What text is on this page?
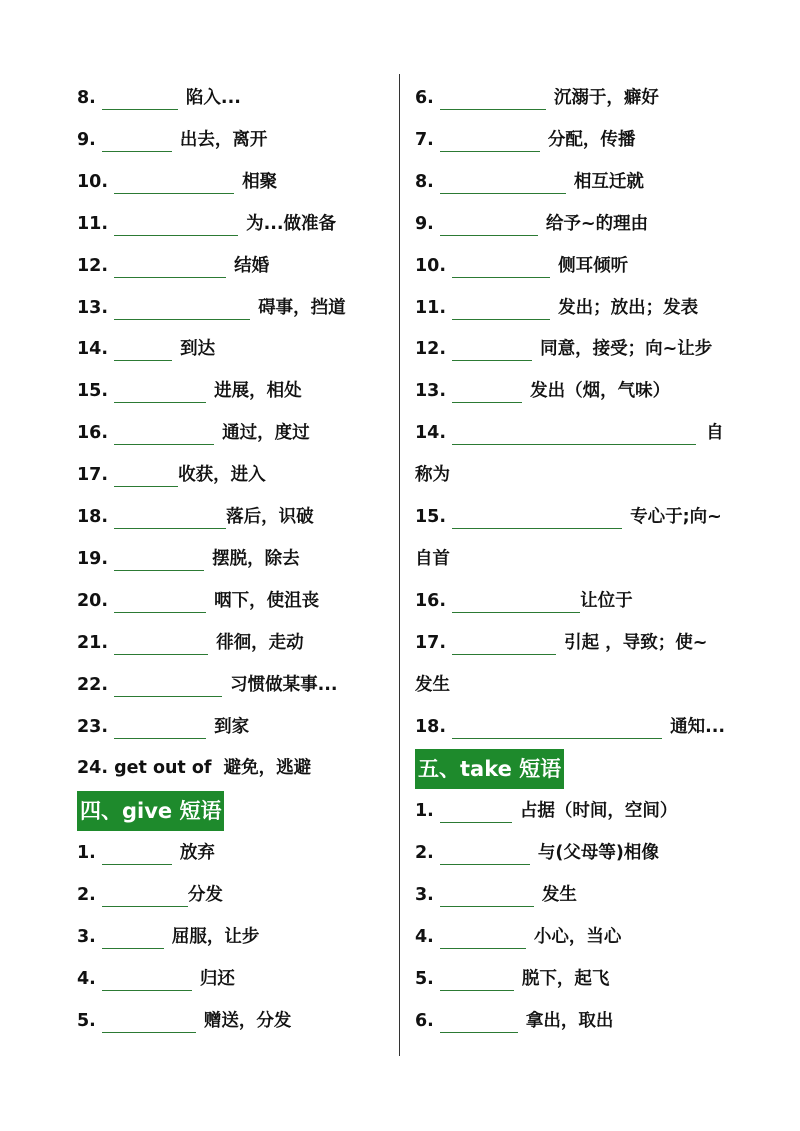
8.	陷入...
9.	出去，离开
10.	相聚
11.	为...做准备
12.	结婚
13.	碍事，挡道
14.	到达
15.	进展，相处
16.	通过，度过
17.	收获，进入
18.	落后，识破
19.	摆脱，除去
20.	咽下，使沮丧
21.	徘徊，走动
22.	习惯做某事...
23.	到家
24. get out of 避免，逃避
四、give 短语
1.	放弃
2.	分发
3.	屈服，让步
4.	归还
5.	赠送，分发
6.	沉溺于，癖好
7.	分配，传播
8.	相互迁就
9.	给予~的理由
10.	侧耳倾听
11.	发出；放出；发表
12.	同意，接受；向~让步
13.	发出（烟，气味）
14.	自
称为
15.	专心于;向~
自首
16.	让位于
17.	引起 ，导致；使~
发生
18.	通知...
五、take 短语
1.	占据（时间，空间）
2.	与(父母等)相像
3.	发生
4.	小心，当心
5.	脱下，起飞
6.	拿出，取出
